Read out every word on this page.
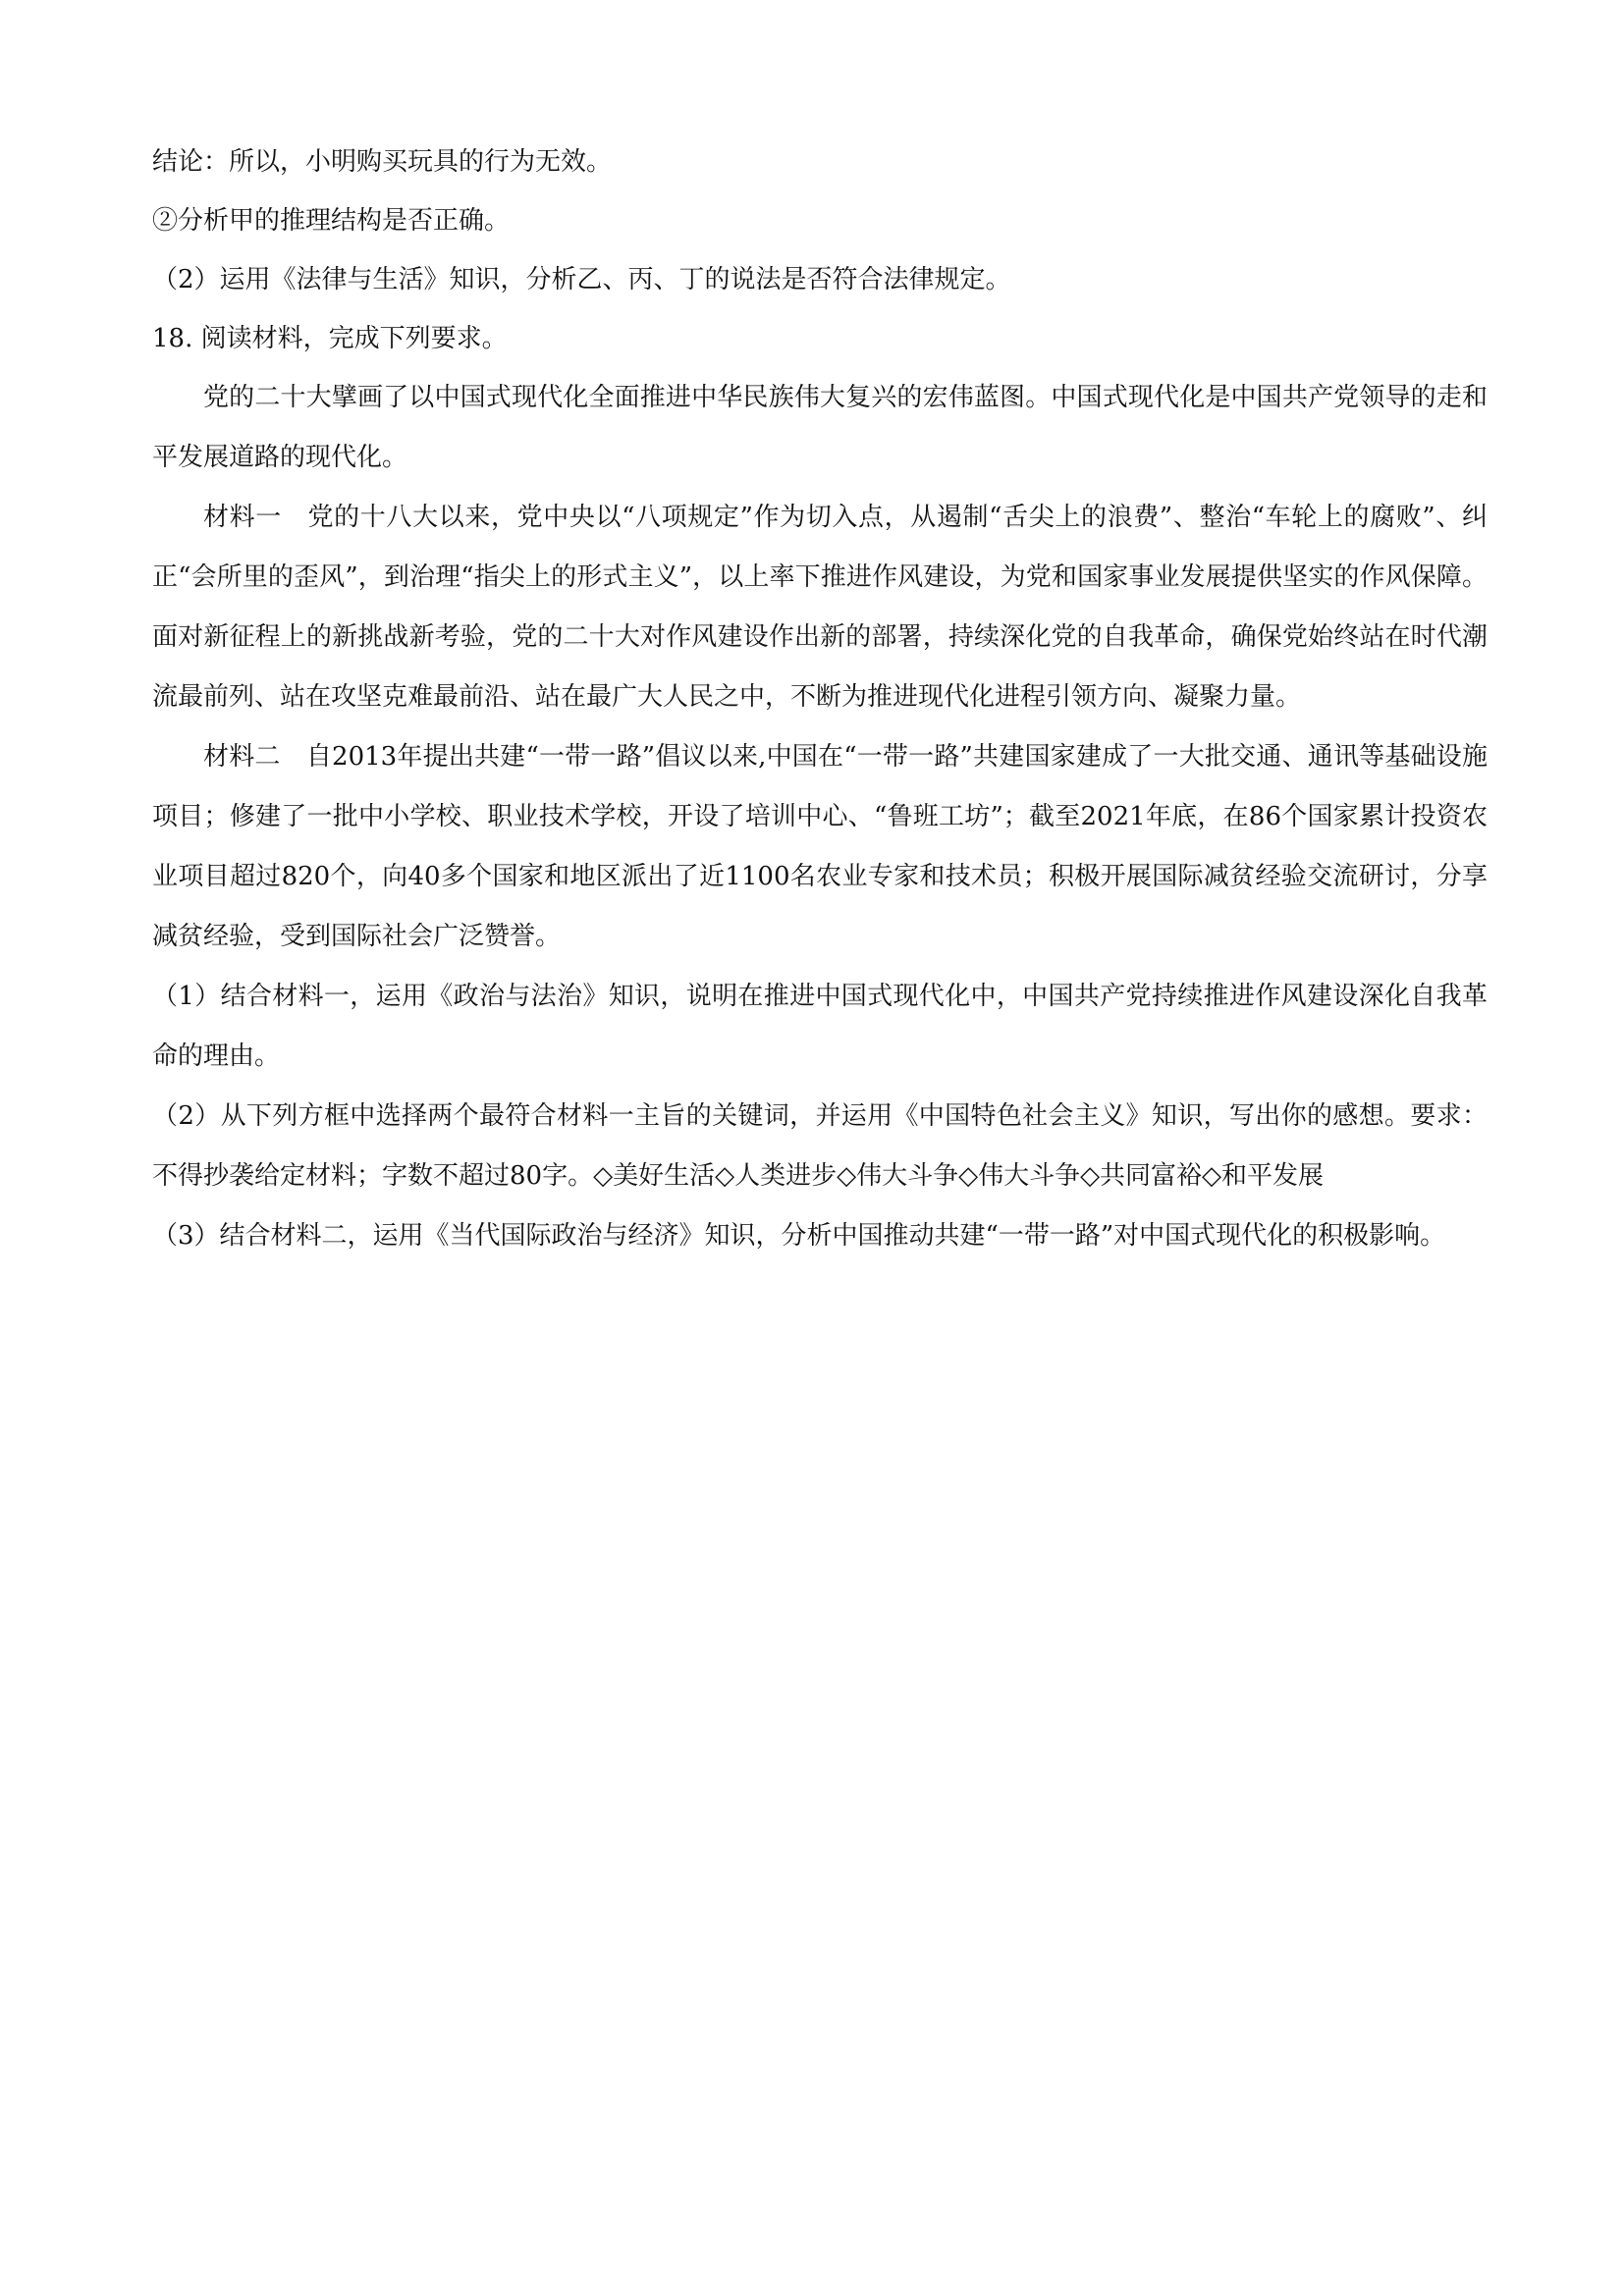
结论：所以，小明购买玩具的行为无效。

②分析甲的推理结构是否正确。

（2）运用《法律与生活》知识，分析乙、丙、丁的说法是否符合法律规定。

18. 阅读材料，完成下列要求。

党的二十大擘画了以中国式现代化全面推进中华民族伟大复兴的宏伟蓝图。中国式现代化是中国共产党领导的走和平发展道路的现代化。

材料一　党的十八大以来，党中央以“八项规定”作为切入点，从遏制“舌尖上的浪费”、整治“车轮上的腐败”、纠正“会所里的歪风”，到治理“指尖上的形式主义”，以上率下推进作风建设，为党和国家事业发展提供坚实的作风保障。面对新征程上的新挑战新考验，党的二十大对作风建设作出新的部署，持续深化党的自我革命，确保党始终站在时代潮流最前列、站在攻坚克难最前沿、站在最广大人民之中，不断为推进现代化进程引领方向、凝聚力量。

材料二　自2013年提出共建“一带一路”倡议以来,中国在“一带一路”共建国家建成了一大批交通、通讯等基础设施项目；修建了一批中小学校、职业技术学校，开设了培训中心、“鲁班工坊”；截至2021年底，在86个国家累计投资农业项目超过820个，向40多个国家和地区派出了近1100名农业专家和技术员；积极开展国际减贫经验交流研讨，分享减贫经验，受到国际社会广泛赞誉。

（1）结合材料一，运用《政治与法治》知识，说明在推进中国式现代化中，中国共产党持续推进作风建设深化自我革命的理由。

（2）从下列方框中选择两个最符合材料一主旨的关键词，并运用《中国特色社会主义》知识，写出你的感想。要求：不得抄袭给定材料；字数不超过80字。◇美好生活◇人类进步◇伟大斗争◇伟大斗争◇共同富裕◇和平发展

（3）结合材料二，运用《当代国际政治与经济》知识，分析中国推动共建“一带一路”对中国式现代化的积极影响。
